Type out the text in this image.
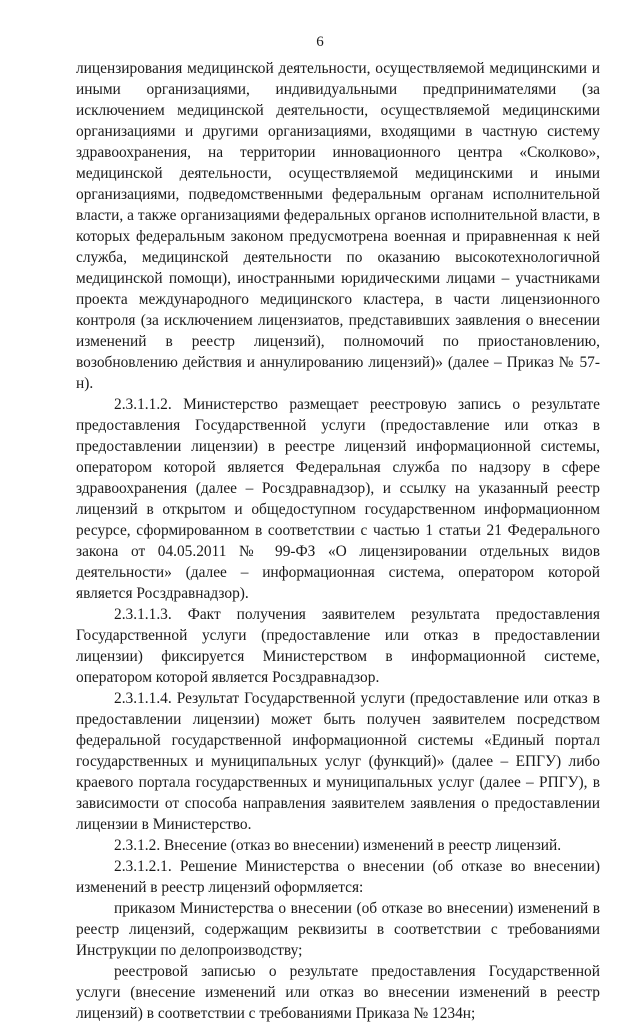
6

лицензирования медицинской деятельности, осуществляемой медицинскими и иными организациями, индивидуальными предпринимателями (за исключением медицинской деятельности, осуществляемой медицинскими организациями и другими организациями, входящими в частную систему здравоохранения, на территории инновационного центра «Сколково», медицинской деятельности, осуществляемой медицинскими и иными организациями, подведомственными федеральным органам исполнительной власти, а также организациями федеральных органов исполнительной власти, в которых федеральным законом предусмотрена военная и приравненная к ней служба, медицинской деятельности по оказанию высокотехнологичной медицинской помощи), иностранными юридическими лицами – участниками проекта международного медицинского кластера, в части лицензионного контроля (за исключением лицензиатов, представивших заявления о внесении изменений в реестр лицензий), полномочий по приостановлению, возобновлению действия и аннулированию лицензий)» (далее – Приказ № 57-н).

2.3.1.1.2. Министерство размещает реестровую запись о результате предоставления Государственной услуги (предоставление или отказ в предоставлении лицензии) в реестре лицензий информационной системы, оператором которой является Федеральная служба по надзору в сфере здравоохранения (далее – Росздравнадзор), и ссылку на указанный реестр лицензий в открытом и общедоступном государственном информационном ресурсе, сформированном в соответствии с частью 1 статьи 21 Федерального закона от 04.05.2011 № 99-ФЗ «О лицензировании отдельных видов деятельности» (далее – информационная система, оператором которой является Росздравнадзор).

2.3.1.1.3. Факт получения заявителем результата предоставления Государственной услуги (предоставление или отказ в предоставлении лицензии) фиксируется Министерством в информационной системе, оператором которой является Росздравнадзор.

2.3.1.1.4. Результат Государственной услуги (предоставление или отказ в предоставлении лицензии) может быть получен заявителем посредством федеральной государственной информационной системы «Единый портал государственных и муниципальных услуг (функций)» (далее – ЕПГУ) либо краевого портала государственных и муниципальных услуг (далее – РПГУ), в зависимости от способа направления заявителем заявления о предоставлении лицензии в Министерство.

2.3.1.2. Внесение (отказ во внесении) изменений в реестр лицензий.

2.3.1.2.1. Решение Министерства о внесении (об отказе во внесении) изменений в реестр лицензий оформляется:

приказом Министерства о внесении (об отказе во внесении) изменений в реестр лицензий, содержащим реквизиты в соответствии с требованиями Инструкции по делопроизводству;

реестровой записью о результате предоставления Государственной услуги (внесение изменений или отказ во внесении изменений в реестр лицензий) в соответствии с требованиями Приказа № 1234н;
